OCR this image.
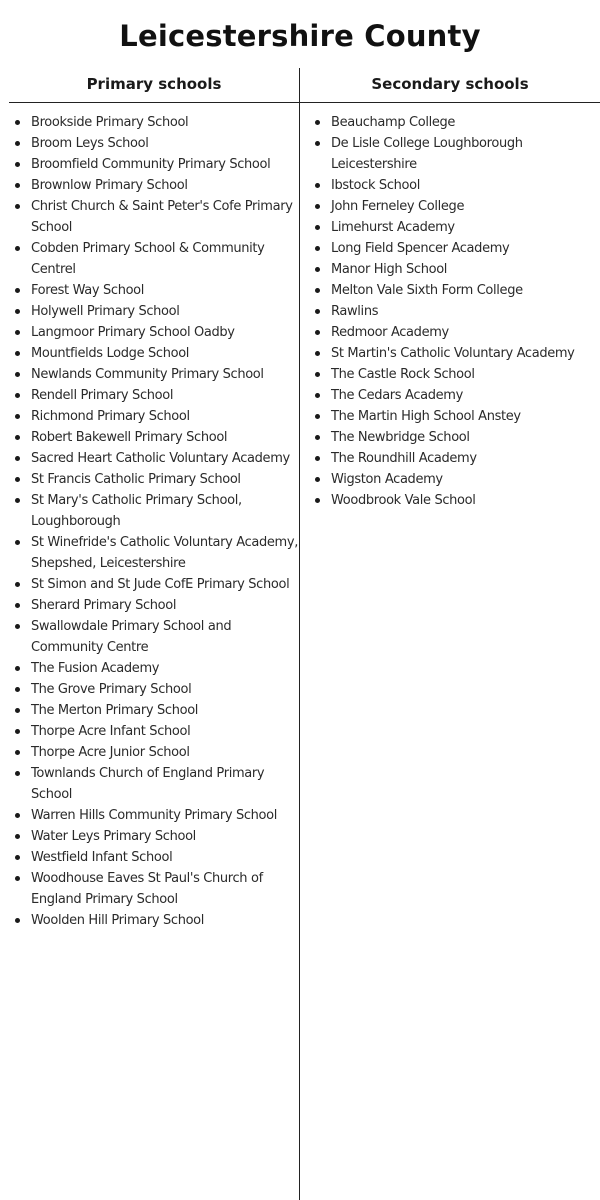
Leicestershire County
Primary schools	Secondary schools
Brookside Primary School
Broom Leys School
Broomfield Community Primary School
Brownlow Primary School
Christ Church & Saint Peter's Cofe Primary School
Cobden Primary School & Community Centrel
Forest Way School
Holywell Primary School
Langmoor Primary School Oadby
Mountfields Lodge School
Newlands Community Primary School
Rendell Primary School
Richmond Primary School
Robert Bakewell Primary School
Sacred Heart Catholic Voluntary Academy
St Francis Catholic Primary School
St Mary's Catholic Primary School, Loughborough
St Winefride's Catholic Voluntary Academy, Shepshed, Leicestershire
St Simon and St Jude CofE Primary School
Sherard Primary School
Swallowdale Primary School and Community Centre
The Fusion Academy
The Grove Primary School
The Merton Primary School
Thorpe Acre Infant School
Thorpe Acre Junior School
Townlands Church of England Primary School
Warren Hills Community Primary School
Water Leys Primary School
Westfield Infant School
Woodhouse Eaves St Paul's Church of England Primary School
Woolden Hill Primary School
Beauchamp College
De Lisle College Loughborough Leicestershire
Ibstock School
John Ferneley College
Limehurst Academy
Long Field Spencer Academy
Manor High School
Melton Vale Sixth Form College
Rawlins
Redmoor Academy
St Martin's Catholic Voluntary Academy
The Castle Rock School
The Cedars Academy
The Martin High School Anstey
The Newbridge School
The Roundhill Academy
Wigston Academy
Woodbrook Vale School
